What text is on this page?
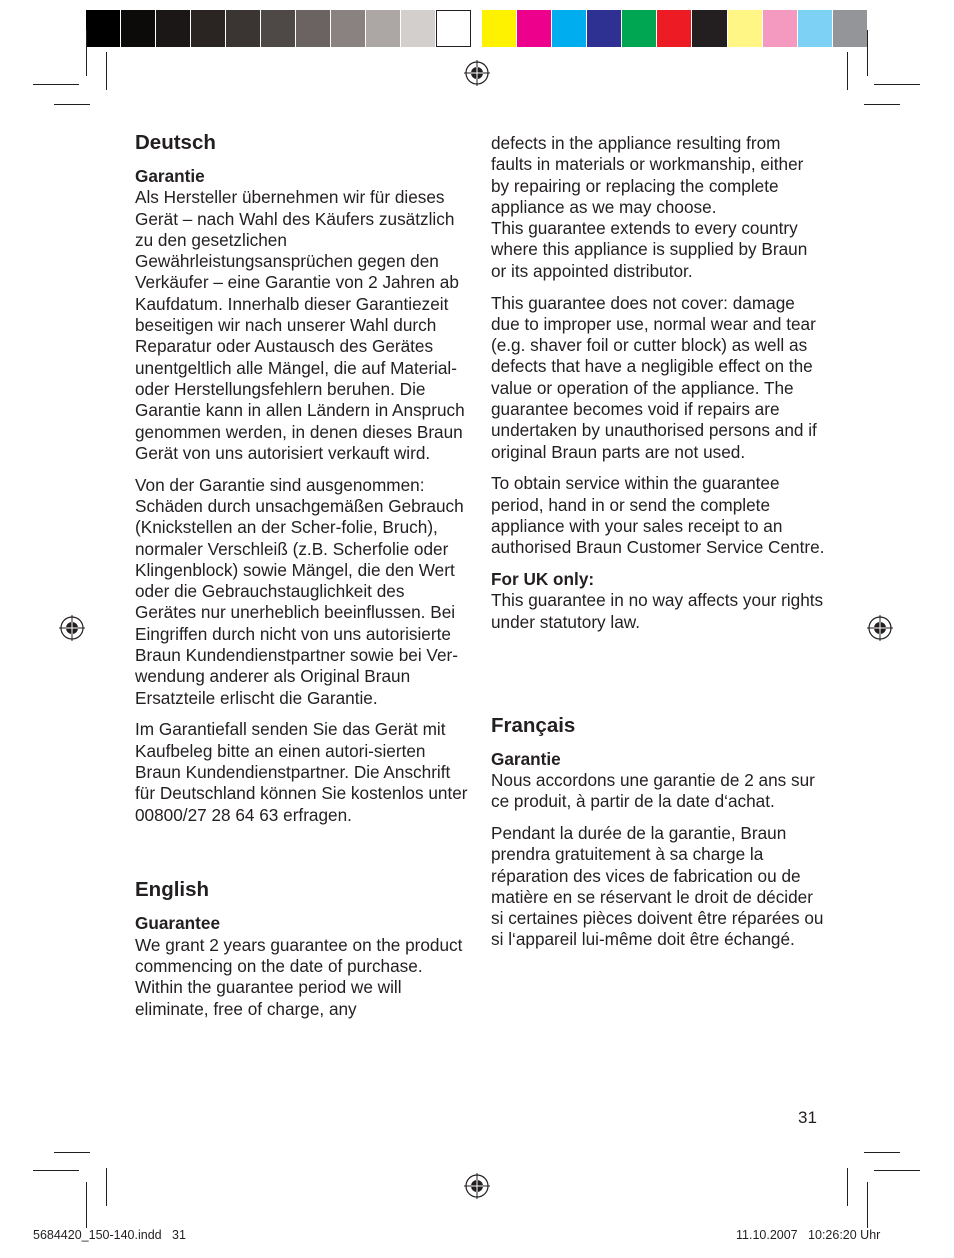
Deutsch
Garantie

Als Hersteller übernehmen wir für dieses Gerät – nach Wahl des Käufers zusätzlich zu den gesetzlichen Gewährleistungsansprüchen gegen den Verkäufer – eine Garantie von 2 Jahren ab Kaufdatum. Innerhalb dieser Garantiezeit beseitigen wir nach unserer Wahl durch Reparatur oder Austausch des Gerätes unentgeltlich alle Mängel, die auf Material- oder Herstellungsfehlern beruhen. Die Garantie kann in allen Ländern in Anspruch genommen werden, in denen dieses Braun Gerät von uns autorisiert verkauft wird.

Von der Garantie sind ausgenommen: Schäden durch unsachgemäßen Gebrauch (Knickstellen an der Scher-folie, Bruch), normaler Verschleiß (z.B. Scherfolie oder Klingenblock) sowie Mängel, die den Wert oder die Gebrauchstauglichkeit des Gerätes nur unerheblich beeinflussen. Bei Eingriffen durch nicht von uns autorisierte Braun Kundendienstpartner sowie bei Ver-wendung anderer als Original Braun Ersatzteile erlischt die Garantie.

Im Garantiefall senden Sie das Gerät mit Kaufbeleg bitte an einen autori-sierten Braun Kundendienstpartner. Die Anschrift für Deutschland können Sie kostenlos unter 00800/27 28 64 63 erfragen.

English
Guarantee

We grant 2 years guarantee on the product commencing on the date of purchase. Within the guarantee period we will eliminate, free of charge, any

defects in the appliance resulting from faults in materials or workmanship, either by repairing or replacing the complete appliance as we may choose.

This guarantee extends to every country where this appliance is supplied by Braun or its appointed distributor.

This guarantee does not cover: damage due to improper use, normal wear and tear (e.g. shaver foil or cutter block) as well as defects that have a negligible effect on the value or operation of the appliance. The guarantee becomes void if repairs are undertaken by unauthorised persons and if original Braun parts are not used.

To obtain service within the guarantee period, hand in or send the complete appliance with your sales receipt to an authorised Braun Customer Service Centre.

For UK only:

This guarantee in no way affects your rights under statutory law.

Français
Garantie

Nous accordons une garantie de 2 ans sur ce produit, à partir de la date d‘achat.

Pendant la durée de la garantie, Braun prendra gratuitement à sa charge la réparation des vices de fabrication ou de matière en se réservant le droit de décider si certaines pièces doivent être réparées ou si l‘appareil lui-même doit être échangé.

31
5684420_150-140.indd   31	11.10.2007   10:26:20 Uhr
